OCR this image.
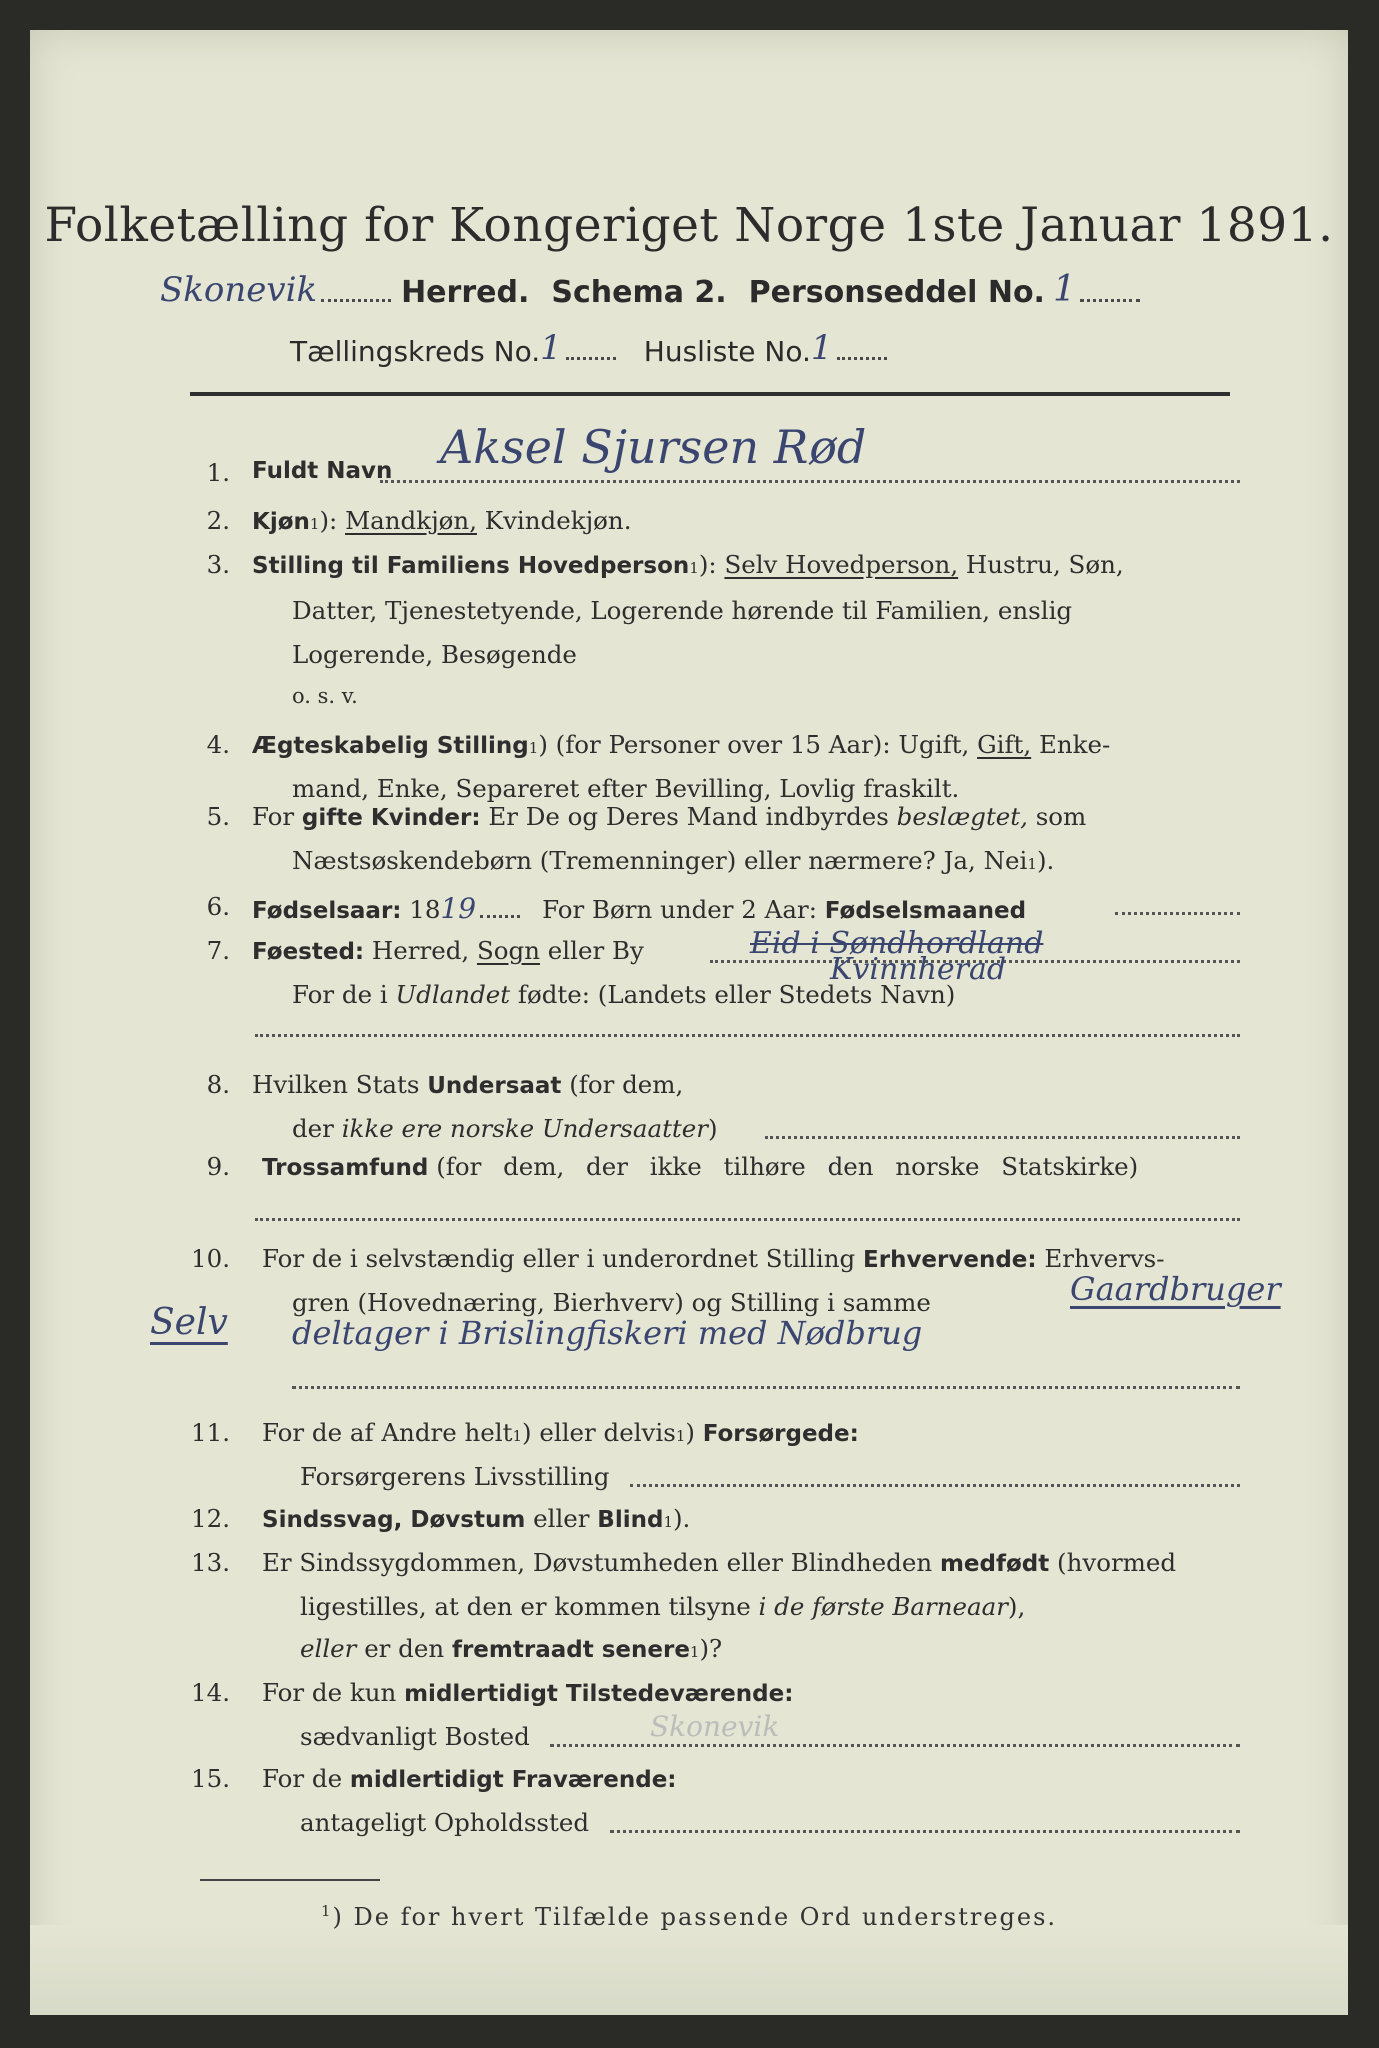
Folketælling for Kongeriget Norge 1ste Januar 1891.
Skonevik	Herred. Schema 2. Personseddel No. 1
Tællingskreds No. 1	Husliste No. 1
1. Fuldt Navn Aksel Sjursen Rød
2. Kjøn 1 ):
Mandkjøn,
Kvindekjøn.
3. Stilling til Familiens Hovedperson 1 ):
Selv Hovedperson,
Hustru, Søn,
Datter, Tjenestetyende, Logerende hørende til Familien, enslig
Logerende, Besøgende
o. s. v.
4. Ægteskabelig Stilling 1 ) (for Personer over 15 Aar): Ugift,
Gift,
Enke-
mand, Enke, Separeret efter Bevilling, Lovlig fraskilt.
5. For
gifte Kvinder:
Er De og Deres Mand indbyrdes
beslægtet,
som
Næstsøskendebørn (Tremenninger) eller nærmere? Ja, Nei 1 ).
6. Fødselsaar:
18 19	For Børn under 2 Aar:
Fødselsmaaned
7. Føested:
Herred,
Sogn
eller By	Eid i Søndhordland
Kvinnherad
For de i
Udlandet
fødte: (Landets eller Stedets Navn)
8. Hvilken Stats
Undersaat
(for dem,
der
ikke ere norske Undersaatter )
9. Trossamfund
(for dem, der ikke tilhøre den norske Statskirke)
10. For de i selvstændig eller i underordnet Stilling
Erhvervende:
Erhvervs-
gren (Hovednæring, Bierhverv) og Stilling i samme	Gaardbruger
Selv deltager i Brislingfiskeri med Nødbrug
11. For de af Andre helt 1 ) eller delvis 1 )
Forsørgede:
Forsørgerens Livsstilling
12. Sindssvag, Døvstum
eller
Blind 1 ).
13. Er Sindssygdommen, Døvstumheden eller Blindheden
medfødt
(hvormed
ligestilles, at den er kommen tilsyne
i de første Barneaar ),
eller
er den
fremtraadt senere 1 )?
14. For de kun
midlertidigt Tilstedeværende:
sædvanligt Bosted	Skonevik
15. For de
midlertidigt Fraværende:
antageligt Opholdssted
$^1$) De for hvert Tilfælde passende Ord understreges.
